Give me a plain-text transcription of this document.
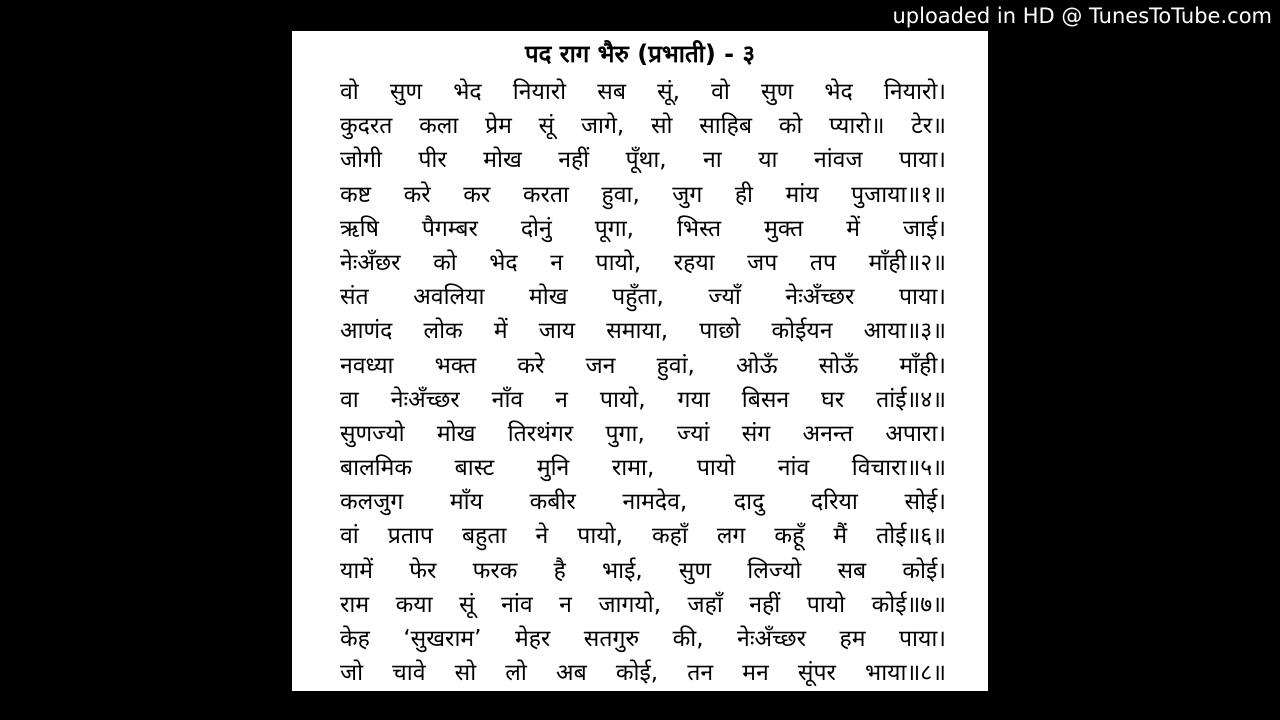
uploaded in HD @ TunesToTube.com
पद राग भैरु (प्रभाती) - ३
वो सुण भेद नियारो सब सूं, वो सुण भेद नियारो।
कुदरत कला प्रेम सूं जागे, सो साहिब को प्यारो॥ टेर॥
जोगी पीर मोख नहीं पूँथा, ना या नांवज पाया।
कष्ट करे कर करता हुवा, जुग ही मांय पुजाया॥१॥
ऋषि पैगम्बर दोनुं पूगा, भिस्त मुक्त में जाई।
नेःअँछर को भेद न पायो, रहया जप तप माँही॥२॥
संत अवलिया मोख पहुँता, ज्याँ नेःअँच्छर पाया।
आणंद लोक में जाय समाया, पाछो कोईयन आया॥३॥
नवध्या भक्त करे जन हुवां, ओऊँ सोऊँ माँही।
वा नेःअँच्छर नाँव न पायो, गया बिसन घर तांई॥४॥
सुणज्यो मोख तिरथंगर पुगा, ज्यां संग अनन्त अपारा।
बालमिक बास्ट मुनि रामा, पायो नांव विचारा॥५॥
कलजुग माँय कबीर नामदेव, दादु दरिया सोई।
वां प्रताप बहुता ने पायो, कहाँ लग कहूँ मैं तोई॥६॥
यामें फेर फरक है भाई, सुण लिज्यो सब कोई।
राम कया सूं नांव न जागयो, जहाँ नहीं पायो कोई॥७॥
केह ‘सुखराम’ मेहर सतगुरु की, नेःअँच्छर हम पाया।
जो चावे सो लो अब कोई, तन मन सूंपर भाया॥८॥
